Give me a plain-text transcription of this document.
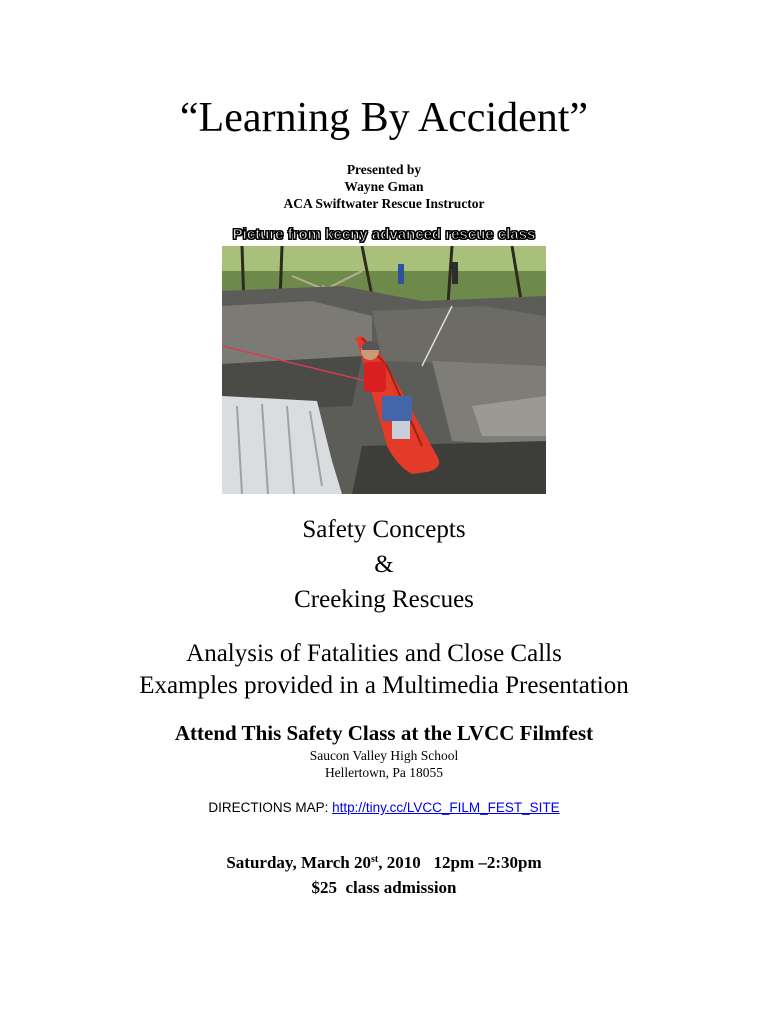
“Learning By Accident”
Presented by
Wayne Gman
ACA Swiftwater Rescue Instructor
Picture from kccny advanced rescue class
Safety Concepts
&
Creeking Rescues
Analysis of Fatalities and Close Calls
Examples provided in a Multimedia Presentation
Attend This Safety Class at the LVCC Filmfest
Saucon Valley High School
Hellertown, Pa 18055
DIRECTIONS MAP: http://tiny.cc/LVCC_FILM_FEST_SITE
Saturday, March 20st, 2010   12pm –2:30pm
$25  class admission
